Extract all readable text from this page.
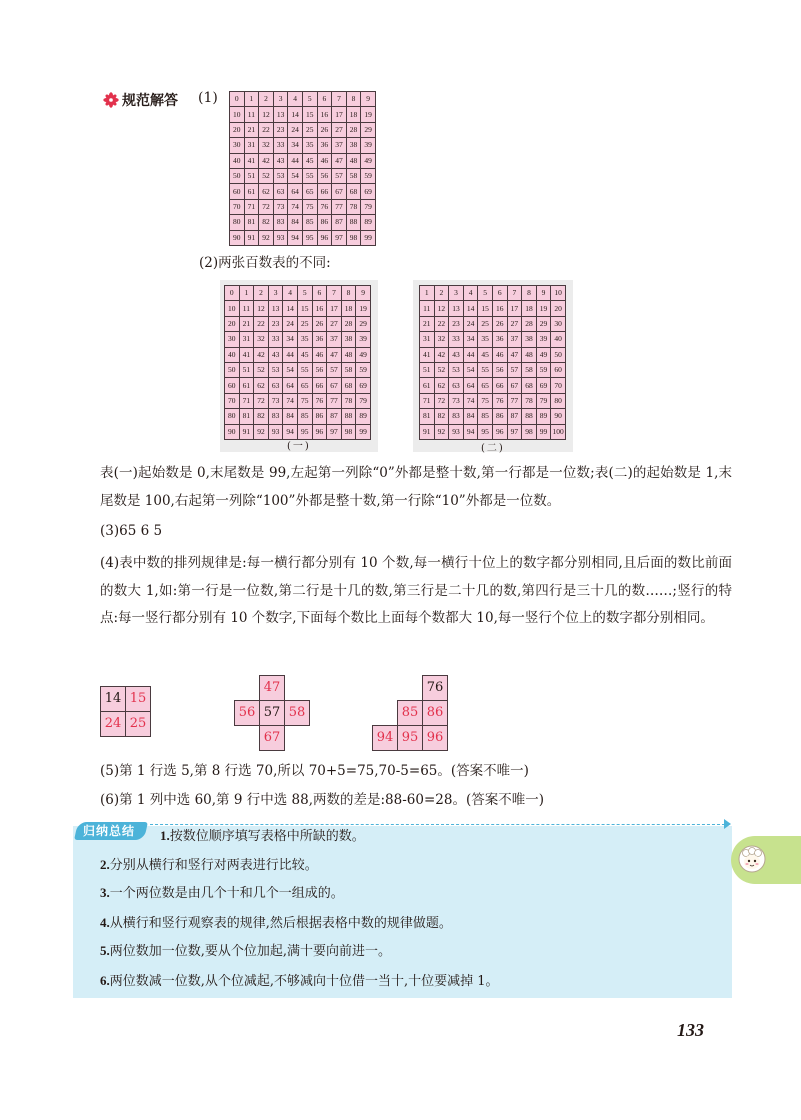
规范解答 (1) 0	1	2	3	4	5	6	7	8	9
10	11	12	13	14	15	16	17	18	19
20	21	22	23	24	25	26	27	28	29
30	31	32	33	34	35	36	37	38	39
40	41	42	43	44	45	46	47	48	49
50	51	52	53	54	55	56	57	58	59
60	61	62	63	64	65	66	67	68	69
70	71	72	73	74	75	76	77	78	79
80	81	82	83	84	85	86	87	88	89
90	91	92	93	94	95	96	97	98	99
(2)两张百数表的不同:
0	1	2	3	4	5	6	7	8	9
10	11	12	13	14	15	16	17	18	19
20	21	22	23	24	25	26	27	28	29
30	31	32	33	34	35	36	37	38	39
40	41	42	43	44	45	46	47	48	49
50	51	52	53	54	55	56	57	58	59
60	61	62	63	64	65	66	67	68	69
70	71	72	73	74	75	76	77	78	79
80	81	82	83	84	85	86	87	88	89
90	91	92	93	94	95	96	97	98	99
(一)
1	2	3	4	5	6	7	8	9	10
11	12	13	14	15	16	17	18	19	20
21	22	23	24	25	26	27	28	29	30
31	32	33	34	35	36	37	38	39	40
41	42	43	44	45	46	47	48	49	50
51	52	53	54	55	56	57	58	59	60
61	62	63	64	65	66	67	68	69	70
71	72	73	74	75	76	77	78	79	80
81	82	83	84	85	86	87	88	89	90
91	92	93	94	95	96	97	98	99	100
(二)
表(一)起始数是 0,末尾数是 99,左起第一列除“0”外都是整十数,第一行都是一位数;表(二)的起始数是 1,末尾数是 100,右起第一列除“100”外都是整十数,第一行除“10”外都是一位数。
(3)65 6 5
(4)表中数的排列规律是:每一横行都分别有 10 个数,每一横行十位上的数字都分别相同,且后面的数比前面的数大 1,如:第一行是一位数,第二行是十几的数,第三行是二十几的数,第四行是三十几的数……;竖行的特点:每一竖行都分别有 10 个数字,下面每个数比上面每个数都大 10,每一竖行个位上的数字都分别相同。
14	15
24	25
	47	
56	57	58
	67	
		76
	85	86
94	95	96
(5)第 1 行选 5,第 8 行选 70,所以 70+5=75,70-5=65。(答案不唯一)
(6)第 1 列中选 60,第 9 行中选 88,两数的差是:88-60=28。(答案不唯一)
归纳总结 1.按数位顺序填写表格中所缺的数。
2.分别从横行和竖行对两表进行比较。
3.一个两位数是由几个十和几个一组成的。
4.从横行和竖行观察表的规律,然后根据表格中数的规律做题。
5.两位数加一位数,要从个位加起,满十要向前进一。
6.两位数减一位数,从个位减起,不够减向十位借一当十,十位要减掉 1。
133
